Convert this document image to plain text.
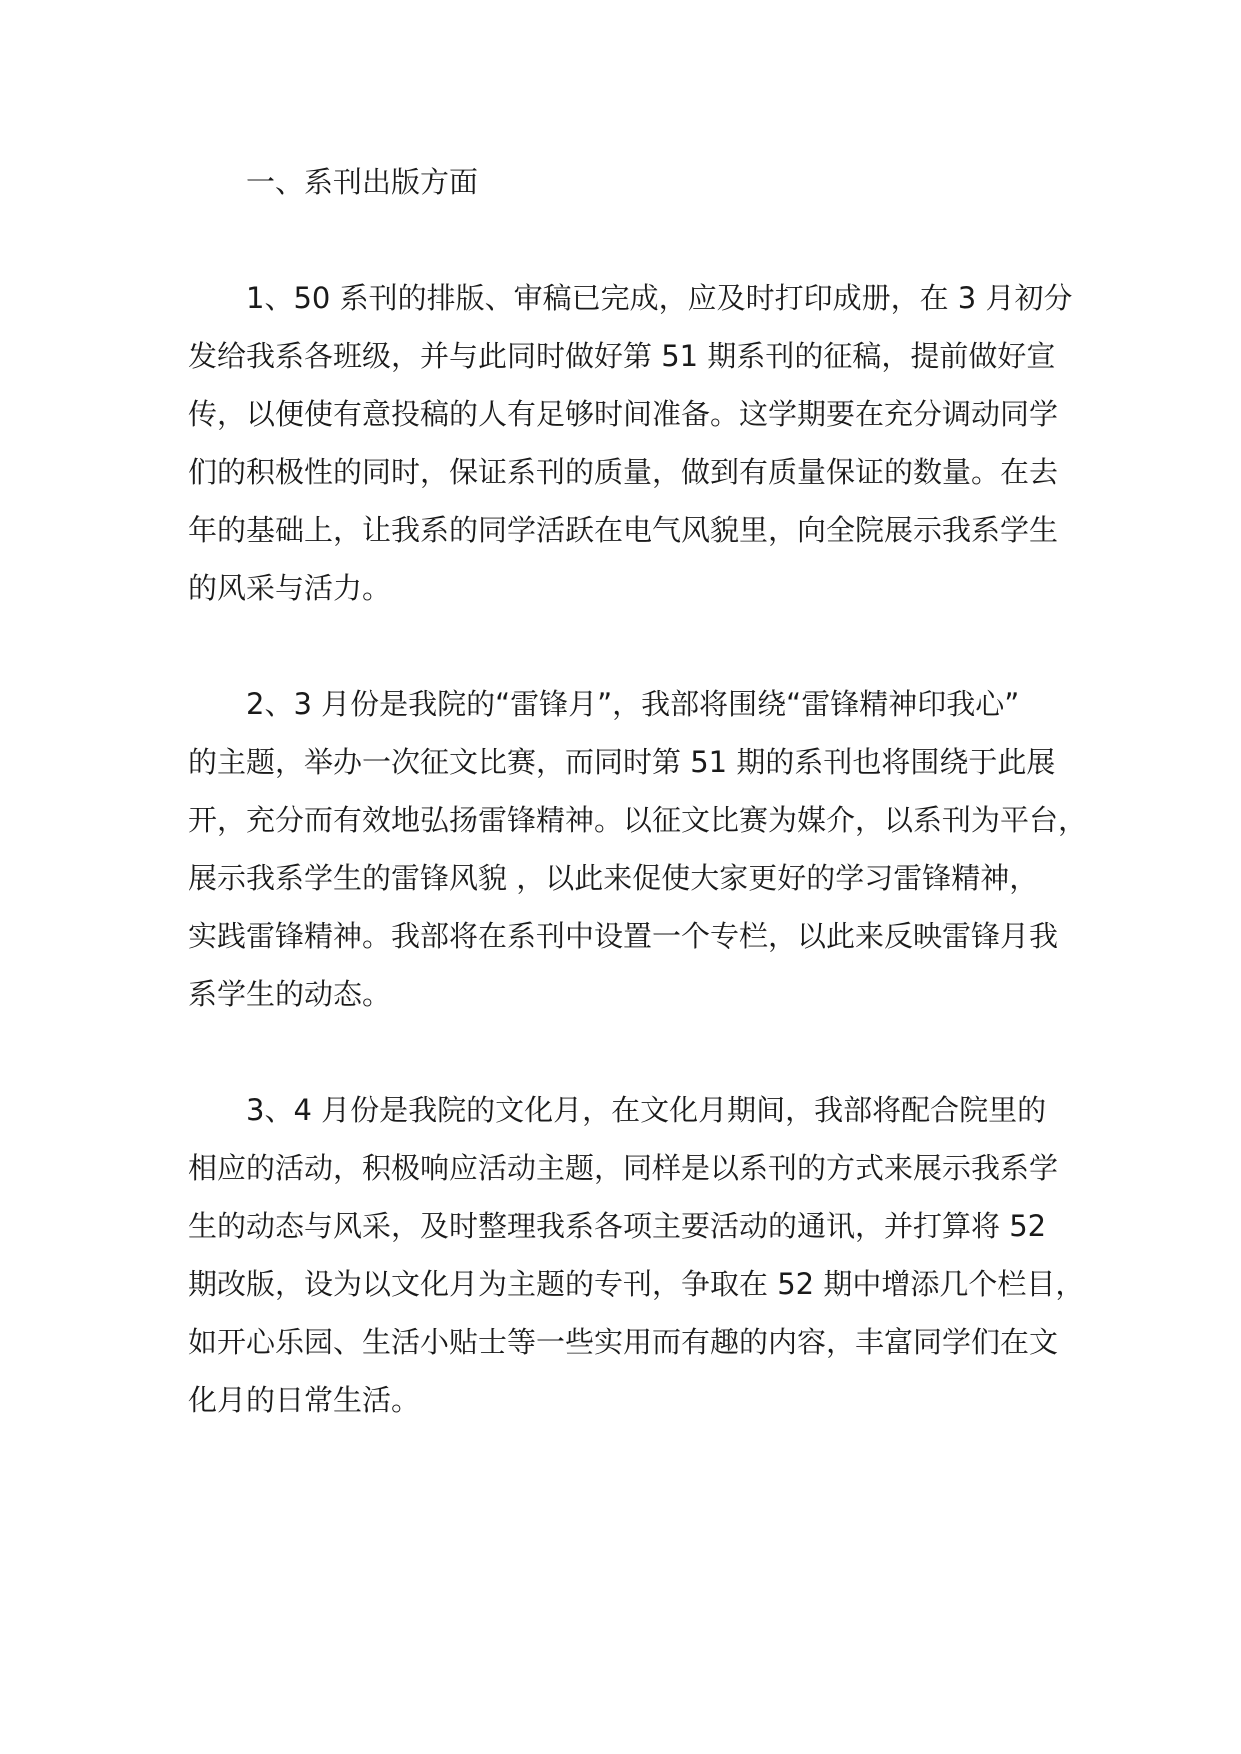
一、系刊出版方面
1、50 系刊的排版、审稿已完成，应及时打印成册，在 3 月初分
发给我系各班级，并与此同时做好第 51 期系刊的征稿，提前做好宣
传，以便使有意投稿的人有足够时间准备。这学期要在充分调动同学
们的积极性的同时，保证系刊的质量，做到有质量保证的数量。在去
年的基础上，让我系的同学活跃在电气风貌里，向全院展示我系学生
的风采与活力。
2、3 月份是我院的“雷锋月”，我部将围绕“雷锋精神印我心”
的主题，举办一次征文比赛，而同时第 51 期的系刊也将围绕于此展
开，充分而有效地弘扬雷锋精神。以征文比赛为媒介，以系刊为平台，
展示我系学生的雷锋风貌 ，以此来促使大家更好的学习雷锋精神，
实践雷锋精神。我部将在系刊中设置一个专栏，以此来反映雷锋月我
系学生的动态。
3、4 月份是我院的文化月，在文化月期间，我部将配合院里的
相应的活动，积极响应活动主题，同样是以系刊的方式来展示我系学
生的动态与风采，及时整理我系各项主要活动的通讯，并打算将 52
期改版，设为以文化月为主题的专刊，争取在 52 期中增添几个栏目，
如开心乐园、生活小贴士等一些实用而有趣的内容，丰富同学们在文
化月的日常生活。
